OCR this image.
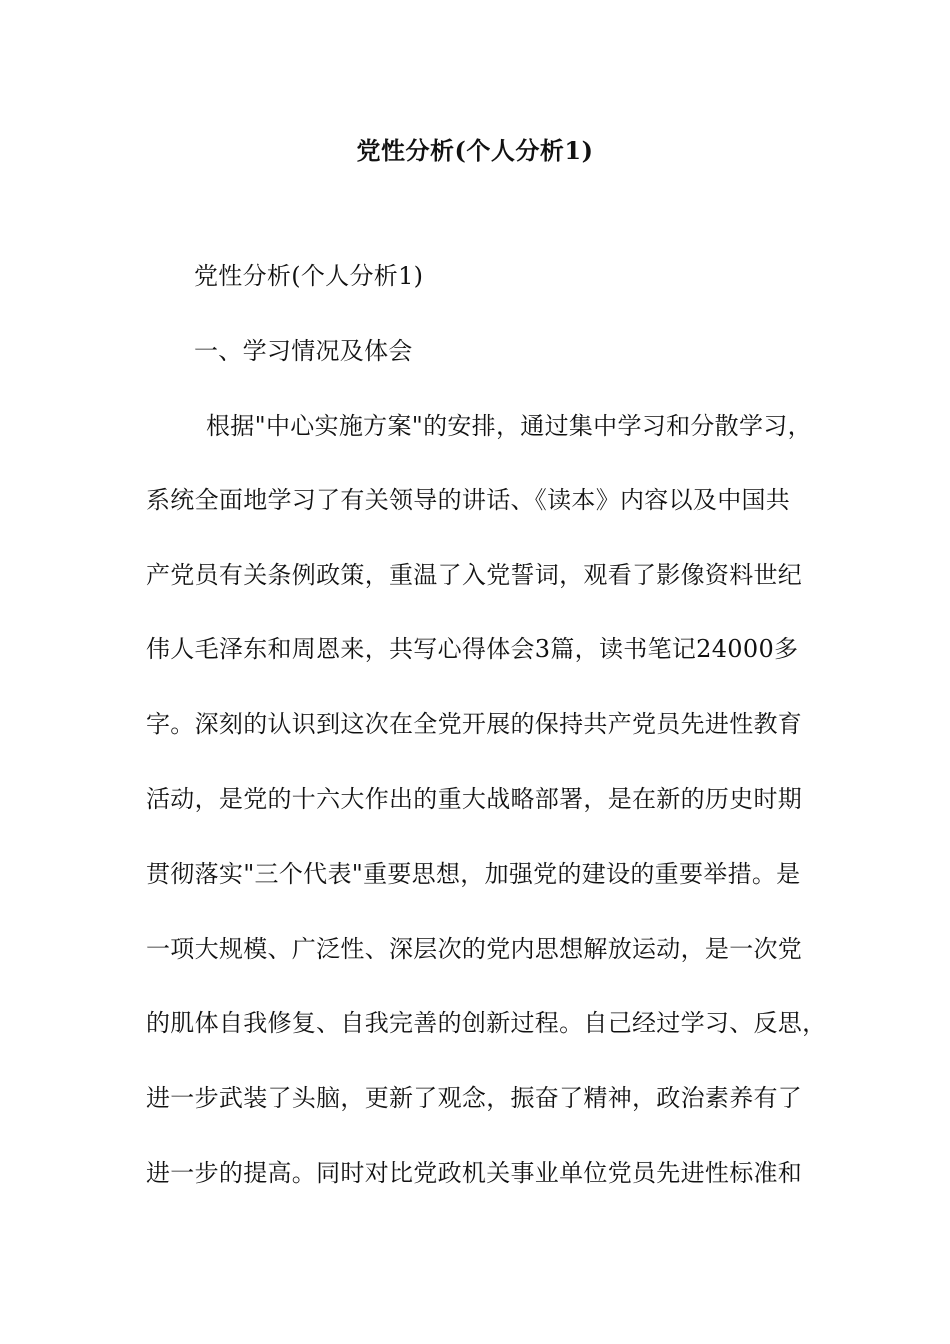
党性分析(个人分析1)
党性分析(个人分析1)
一、学习情况及体会
根据"中心实施方案"的安排，通过集中学习和分散学习，
系统全面地学习了有关领导的讲话、《读本》内容以及中国共
产党员有关条例政策，重温了入党誓词，观看了影像资料世纪
伟人毛泽东和周恩来，共写心得体会3篇，读书笔记24000多
字。深刻的认识到这次在全党开展的保持共产党员先进性教育
活动，是党的十六大作出的重大战略部署，是在新的历史时期
贯彻落实"三个代表"重要思想，加强党的建设的重要举措。是
一项大规模、广泛性、深层次的党内思想解放运动，是一次党
的肌体自我修复、自我完善的创新过程。自己经过学习、反思，
进一步武装了头脑，更新了观念，振奋了精神，政治素养有了
进一步的提高。同时对比党政机关事业单位党员先进性标准和
